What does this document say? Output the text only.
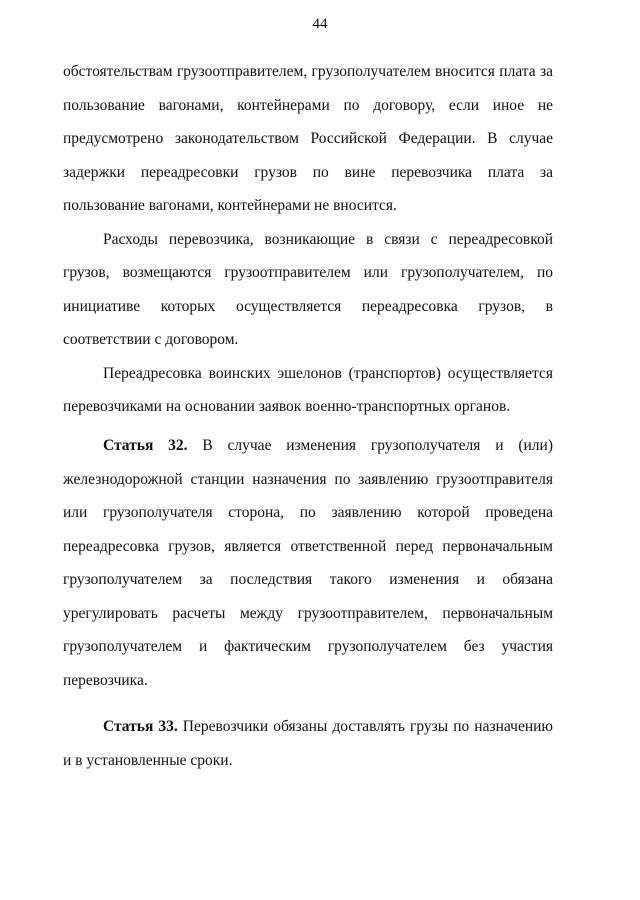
44

обстоятельствам грузоотправителем, грузополучателем вносится плата за пользование вагонами, контейнерами по договору, если иное не предусмотрено законодательством Российской Федерации. В случае задержки переадресовки грузов по вине перевозчика плата за пользование вагонами, контейнерами не вносится.

Расходы перевозчика, возникающие в связи с переадресовкой грузов, возмещаются грузоотправителем или грузополучателем, по инициативе которых осуществляется переадресовка грузов, в соответствии с договором.

Переадресовка воинских эшелонов (транспортов) осуществляется перевозчиками на основании заявок военно-транспортных органов.

Статья 32. В случае изменения грузополучателя и (или) железнодорожной станции назначения по заявлению грузоотправителя или грузополучателя сторона, по заявлению которой проведена переадресовка грузов, является ответственной перед первоначальным грузополучателем за последствия такого изменения и обязана урегулировать расчеты между грузоотправителем, первоначальным грузополучателем и фактическим грузополучателем без участия перевозчика.

Статья 33. Перевозчики обязаны доставлять грузы по назначению и в установленные сроки.
